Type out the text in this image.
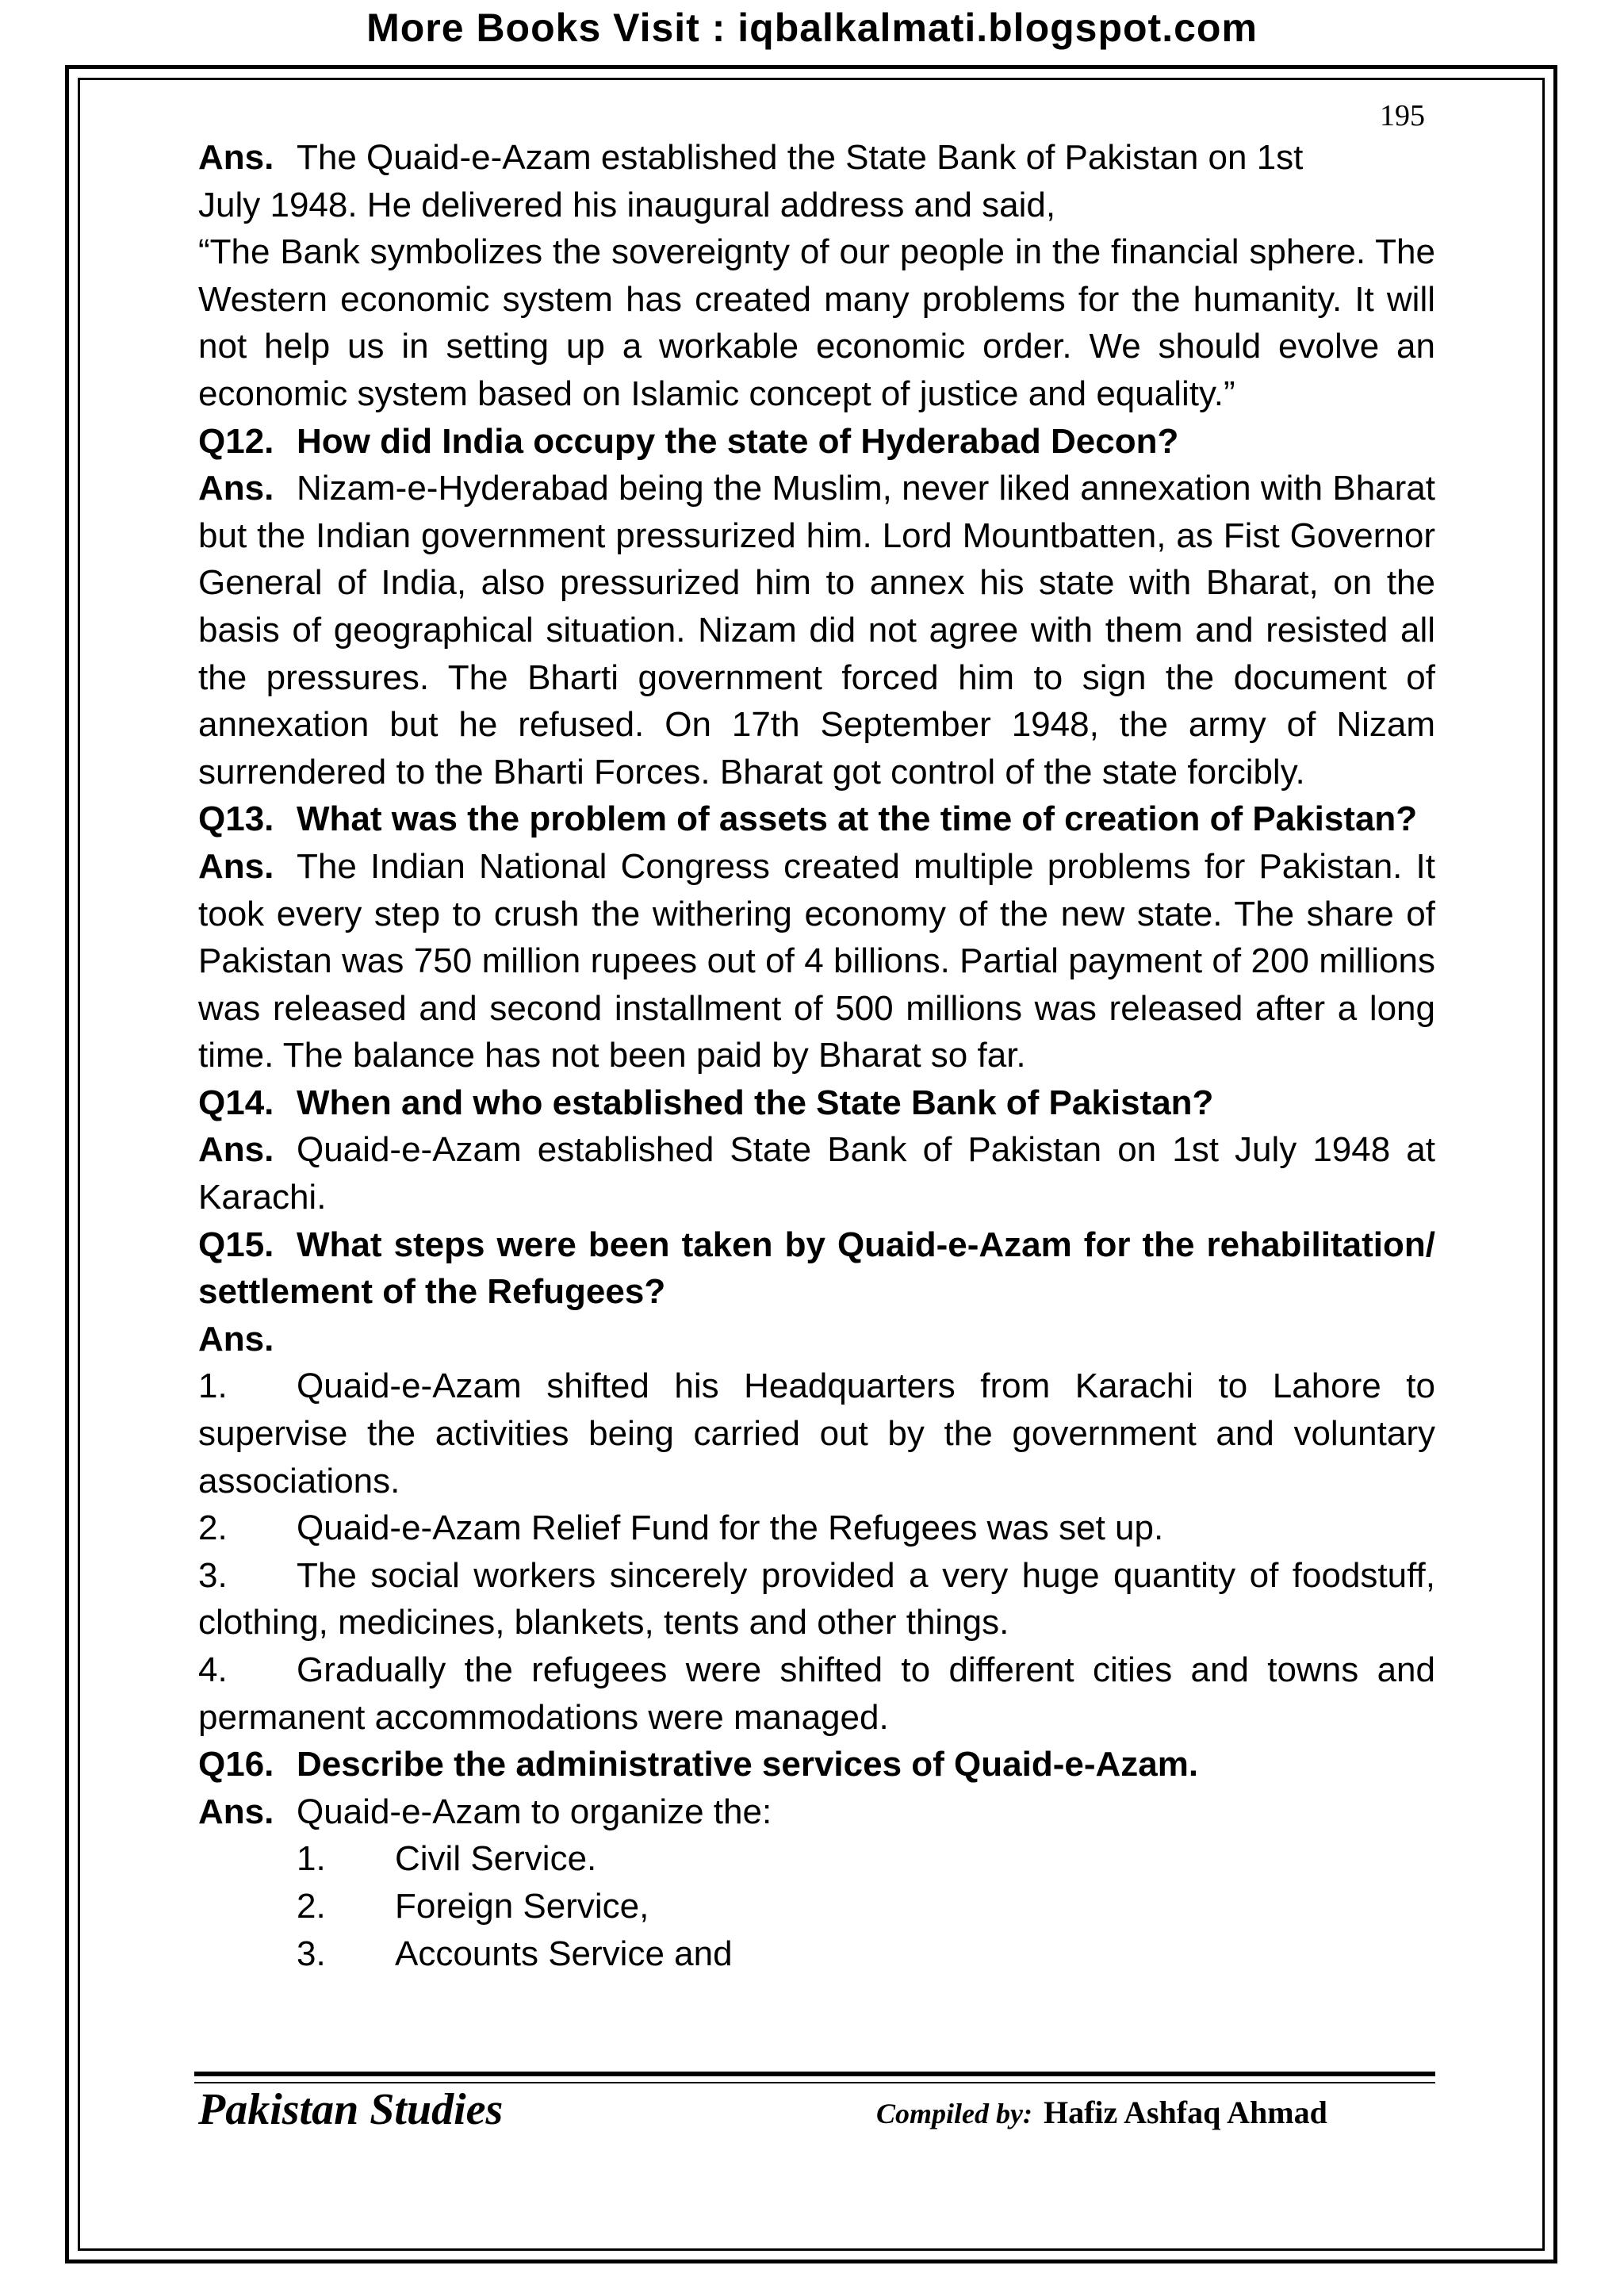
More Books Visit : iqbalkalmati.blogspot.com
195

Ans. The Quaid-e-Azam established the State Bank of Pakistan on 1st

July 1948. He delivered his inaugural address and said,

“The Bank symbolizes the sovereignty of our people in the financial sphere. The Western economic system has created many problems for the humanity. It will not help us in setting up a workable economic order. We should evolve an economic system based on Islamic concept of justice and equality.”

Q12. How did India occupy the state of Hyderabad Decon?

Ans. Nizam-e-Hyderabad being the Muslim, never liked annexation with Bharat but the Indian government pressurized him. Lord Mountbatten, as Fist Governor General of India, also pressurized him to annex his state with Bharat, on the basis of geographical situation. Nizam did not agree with them and resisted all the pressures. The Bharti government forced him to sign the document of annexation but he refused. On 17th September 1948, the army of Nizam surrendered to the Bharti Forces. Bharat got control of the state forcibly.

Q13. What was the problem of assets at the time of creation of Pakistan?

Ans. The Indian National Congress created multiple problems for Pakistan. It took every step to crush the withering economy of the new state. The share of Pakistan was 750 million rupees out of 4 billions. Partial payment of 200 millions was released and second installment of 500 millions was released after a long time. The balance has not been paid by Bharat so far.

Q14. When and who established the State Bank of Pakistan?

Ans. Quaid-e-Azam established State Bank of Pakistan on 1st July 1948 at Karachi.

Q15. What steps were been taken by Quaid-e-Azam for the rehabilitation/ settlement of the Refugees?

Ans.

1. Quaid-e-Azam shifted his Headquarters from Karachi to Lahore to supervise the activities being carried out by the government and voluntary associations.

2. Quaid-e-Azam Relief Fund for the Refugees was set up.

3. The social workers sincerely provided a very huge quantity of foodstuff, clothing, medicines, blankets, tents and other things.

4. Gradually the refugees were shifted to different cities and towns and permanent accommodations were managed.

Q16. Describe the administrative services of Quaid-e-Azam.

Ans. Quaid-e-Azam to organize the:

1. Civil Service.

2. Foreign Service,

3. Accounts Service and

Pakistan Studies	Compiled by: Hafiz Ashfaq Ahmad
